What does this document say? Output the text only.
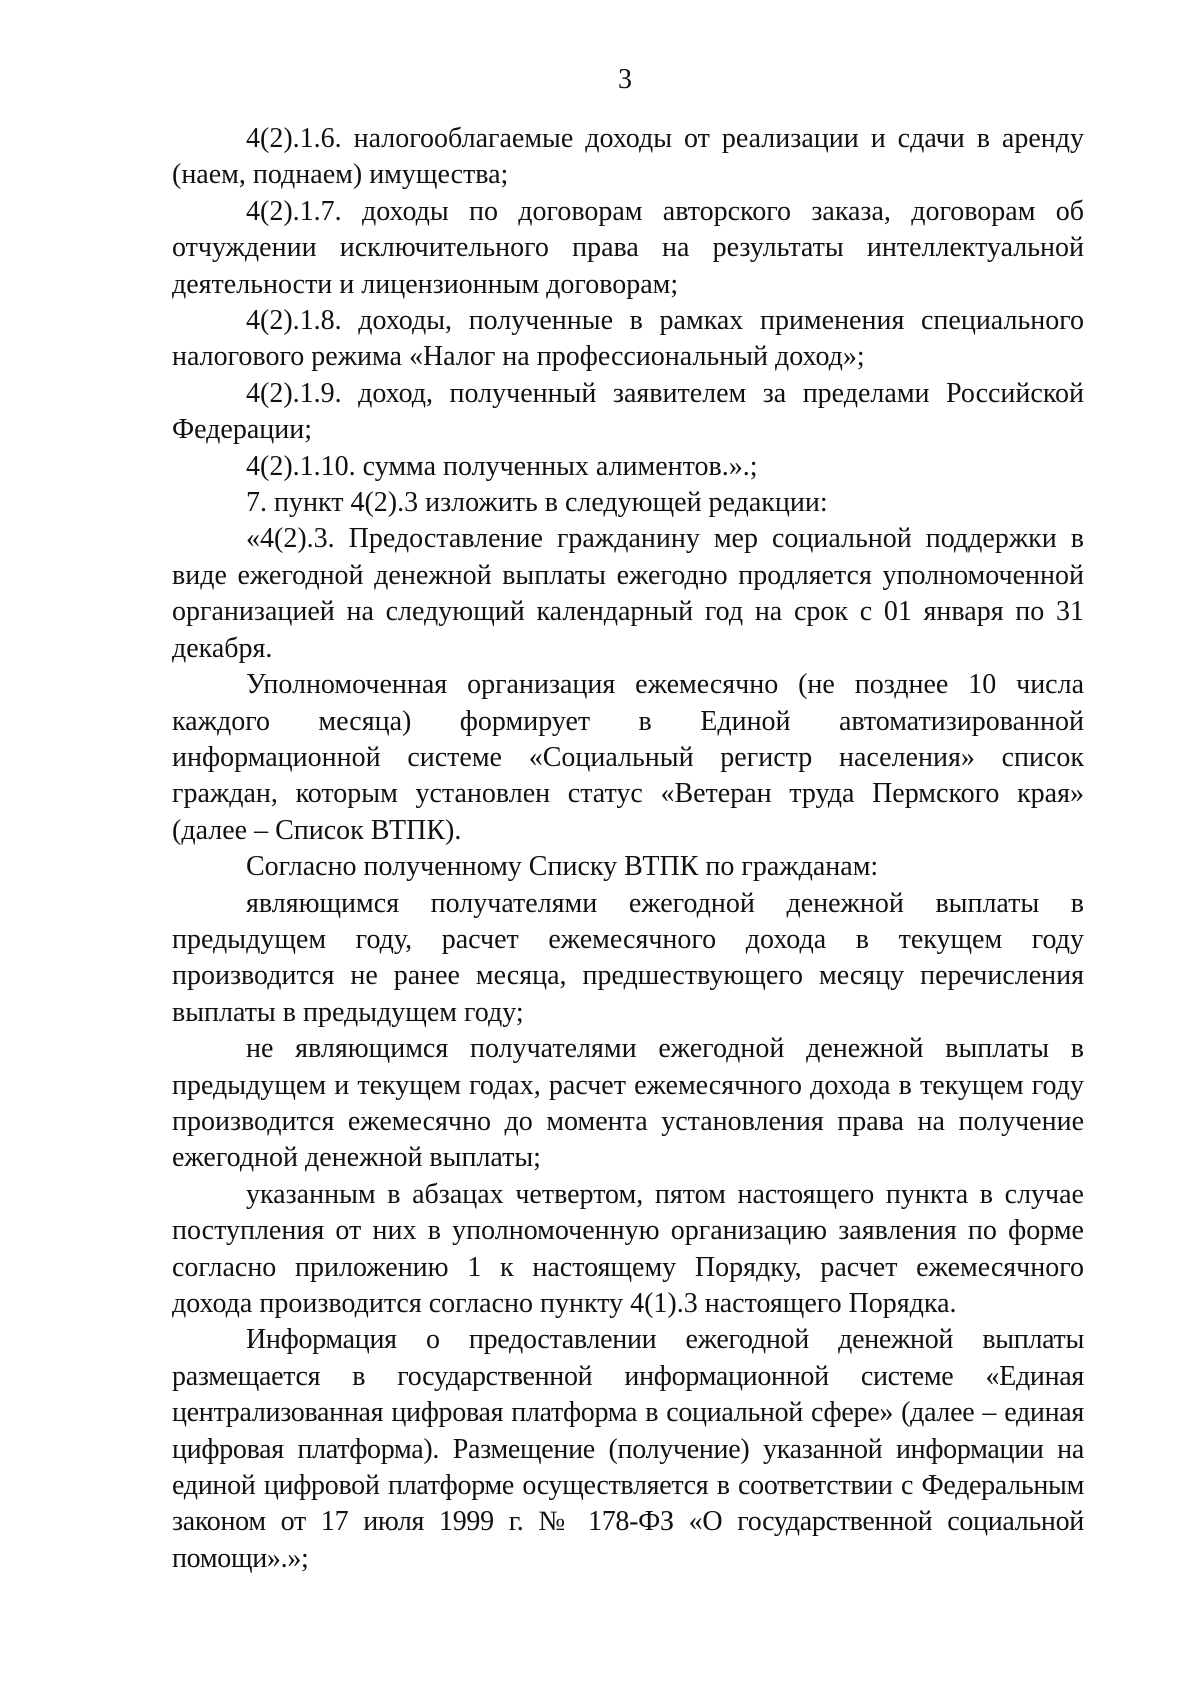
3

4(2).1.6. налогооблагаемые доходы от реализации и сдачи в аренду (наем, поднаем) имущества;

4(2).1.7. доходы по договорам авторского заказа, договорам об отчуждении исключительного права на результаты интеллектуальной деятельности и лицензионным договорам;

4(2).1.8. доходы, полученные в рамках применения специального налогового режима «Налог на профессиональный доход»;

4(2).1.9. доход, полученный заявителем за пределами Российской Федерации;

4(2).1.10. сумма полученных алиментов.».;

7. пункт 4(2).3 изложить в следующей редакции:

«4(2).3. Предоставление гражданину мер социальной поддержки в виде ежегодной денежной выплаты ежегодно продляется уполномоченной организацией на следующий календарный год на срок с 01 января по 31 декабря.

Уполномоченная организация ежемесячно (не позднее 10 числа каждого месяца) формирует в Единой автоматизированной информационной системе «Социальный регистр населения» список граждан, которым установлен статус «Ветеран труда Пермского края» (далее – Список ВТПК).

Согласно полученному Списку ВТПК по гражданам:

являющимся получателями ежегодной денежной выплаты в предыдущем году, расчет ежемесячного дохода в текущем году производится не ранее месяца, предшествующего месяцу перечисления выплаты в предыдущем году;

не являющимся получателями ежегодной денежной выплаты в предыдущем и текущем годах, расчет ежемесячного дохода в текущем году производится ежемесячно до момента установления права на получение ежегодной денежной выплаты;

указанным в абзацах четвертом, пятом настоящего пункта в случае поступления от них в уполномоченную организацию заявления по форме согласно приложению 1 к настоящему Порядку, расчет ежемесячного дохода производится согласно пункту 4(1).3 настоящего Порядка.

Информация о предоставлении ежегодной денежной выплаты размещается в государственной информационной системе «Единая централизованная цифровая платформа в социальной сфере» (далее – единая цифровая платформа). Размещение (получение) указанной информации на единой цифровой платформе осуществляется в соответствии с Федеральным законом от 17 июля 1999 г. № 178-ФЗ «О государственной социальной помощи».»;
